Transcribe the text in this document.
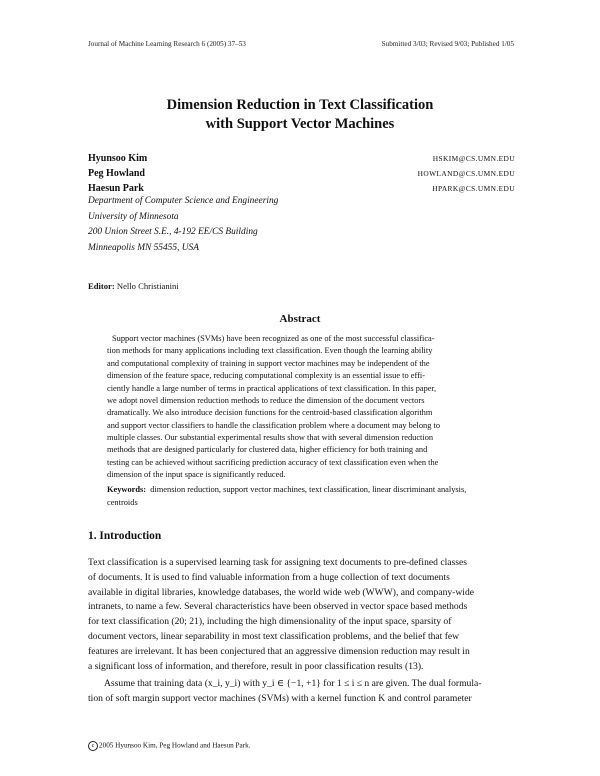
Journal of Machine Learning Research 6 (2005) 37–53	Submitted 3/03; Revised 9/03; Published 1/05
Dimension Reduction in Text Classification
with Support Vector Machines
Hyunsoo Kim	HSKIM@CS.UMN.EDU
Peg Howland	HOWLAND@CS.UMN.EDU
Haesun Park	HPARK@CS.UMN.EDU
Department of Computer Science and Engineering
University of Minnesota
200 Union Street S.E., 4-192 EE/CS Building
Minneapolis MN 55455, USA
Editor: Nello Christianini
Abstract
Support vector machines (SVMs) have been recognized as one of the most successful classifica-
tion methods for many applications including text classification. Even though the learning ability
and computational complexity of training in support vector machines may be independent of the
dimension of the feature space, reducing computational complexity is an essential issue to effi-
ciently handle a large number of terms in practical applications of text classification. In this paper,
we adopt novel dimension reduction methods to reduce the dimension of the document vectors
dramatically. We also introduce decision functions for the centroid-based classification algorithm
and support vector classifiers to handle the classification problem where a document may belong to
multiple classes. Our substantial experimental results show that with several dimension reduction
methods that are designed particularly for clustered data, higher efficiency for both training and
testing can be achieved without sacrificing prediction accuracy of text classification even when the
dimension of the input space is significantly reduced.
Keywords: dimension reduction, support vector machines, text classification, linear discriminant analysis, centroids
1. Introduction
Text classification is a supervised learning task for assigning text documents to pre-defined classes
of documents. It is used to find valuable information from a huge collection of text documents
available in digital libraries, knowledge databases, the world wide web (WWW), and company-wide
intranets, to name a few. Several characteristics have been observed in vector space based methods
for text classification (20; 21), including the high dimensionality of the input space, sparsity of
document vectors, linear separability in most text classification problems, and the belief that few
features are irrelevant. It has been conjectured that an aggressive dimension reduction may result in
a significant loss of information, and therefore, result in poor classification results (13).
Assume that training data (x_i, y_i) with y_i ∈ {−1, +1} for 1 ≤ i ≤ n are given. The dual formula-
tion of soft margin support vector machines (SVMs) with a kernel function K and control parameter
c 2005 Hyunsoo Kim, Peg Howland and Haesun Park.
